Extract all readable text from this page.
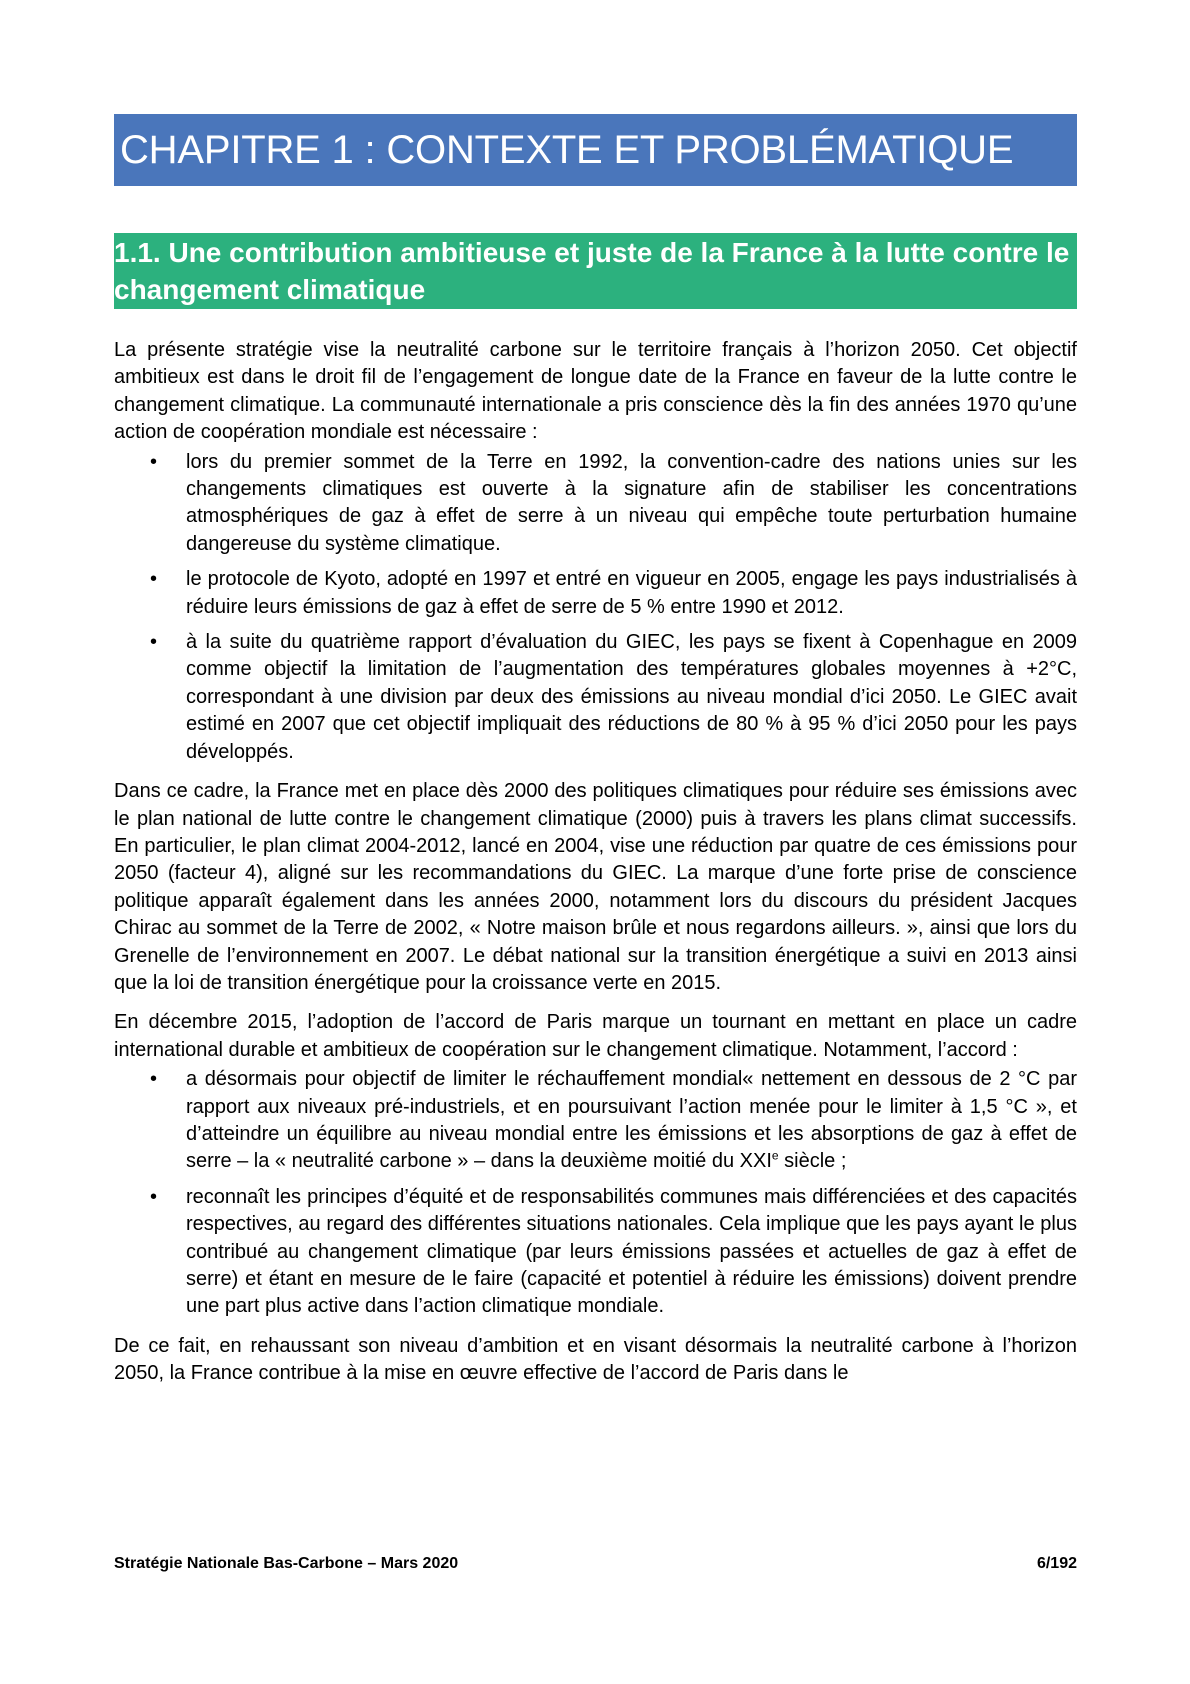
CHAPITRE 1 : CONTEXTE ET PROBLÉMATIQUE
1.1. Une contribution ambitieuse et juste de la France à la lutte contre le changement climatique

La présente stratégie vise la neutralité carbone sur le territoire français à l’horizon 2050. Cet objectif ambitieux est dans le droit fil de l’engagement de longue date de la France en faveur de la lutte contre le changement climatique. La communauté internationale a pris conscience dès la fin des années 1970 qu’une action de coopération mondiale est nécessaire :

• lors du premier sommet de la Terre en 1992, la convention-cadre des nations unies sur les changements climatiques est ouverte à la signature afin de stabiliser les concentrations atmosphériques de gaz à effet de serre à un niveau qui empêche toute perturbation humaine dangereuse du système climatique.
• le protocole de Kyoto, adopté en 1997 et entré en vigueur en 2005, engage les pays industrialisés à réduire leurs émissions de gaz à effet de serre de 5 % entre 1990 et 2012.
• à la suite du quatrième rapport d’évaluation du GIEC, les pays se fixent à Copenhague en 2009 comme objectif la limitation de l’augmentation des températures globales moyennes à +2°C, correspondant à une division par deux des émissions au niveau mondial d’ici 2050. Le GIEC avait estimé en 2007 que cet objectif impliquait des réductions de 80 % à 95 % d’ici 2050 pour les pays développés.

Dans ce cadre, la France met en place dès 2000 des politiques climatiques pour réduire ses émissions avec le plan national de lutte contre le changement climatique (2000) puis à travers les plans climat successifs. En particulier, le plan climat 2004-2012, lancé en 2004, vise une réduction par quatre de ces émissions pour 2050 (facteur 4), aligné sur les recommandations du GIEC. La marque d’une forte prise de conscience politique apparaît également dans les années 2000, notamment lors du discours du président Jacques Chirac au sommet de la Terre de 2002, « Notre maison brûle et nous regardons ailleurs. », ainsi que lors du Grenelle de l’environnement en 2007. Le débat national sur la transition énergétique a suivi en 2013 ainsi que la loi de transition énergétique pour la croissance verte en 2015.

En décembre 2015, l’adoption de l’accord de Paris marque un tournant en mettant en place un cadre international durable et ambitieux de coopération sur le changement climatique. Notamment, l’accord :

• a désormais pour objectif de limiter le réchauffement mondial« nettement en dessous de 2 °C par rapport aux niveaux pré-industriels, et en poursuivant l’action menée pour le limiter à 1,5 °C », et d’atteindre un équilibre au niveau mondial entre les émissions et les absorptions de gaz à effet de serre – la « neutralité carbone » – dans la deuxième moitié du XXIe siècle ;
• reconnaît les principes d’équité et de responsabilités communes mais différenciées et des capacités respectives, au regard des différentes situations nationales. Cela implique que les pays ayant le plus contribué au changement climatique (par leurs émissions passées et actuelles de gaz à effet de serre) et étant en mesure de le faire (capacité et potentiel à réduire les émissions) doivent prendre une part plus active dans l’action climatique mondiale.

De ce fait, en rehaussant son niveau d’ambition et en visant désormais la neutralité carbone à l’horizon 2050, la France contribue à la mise en œuvre effective de l’accord de Paris dans le

Stratégie Nationale Bas-Carbone – Mars 2020	6/192
